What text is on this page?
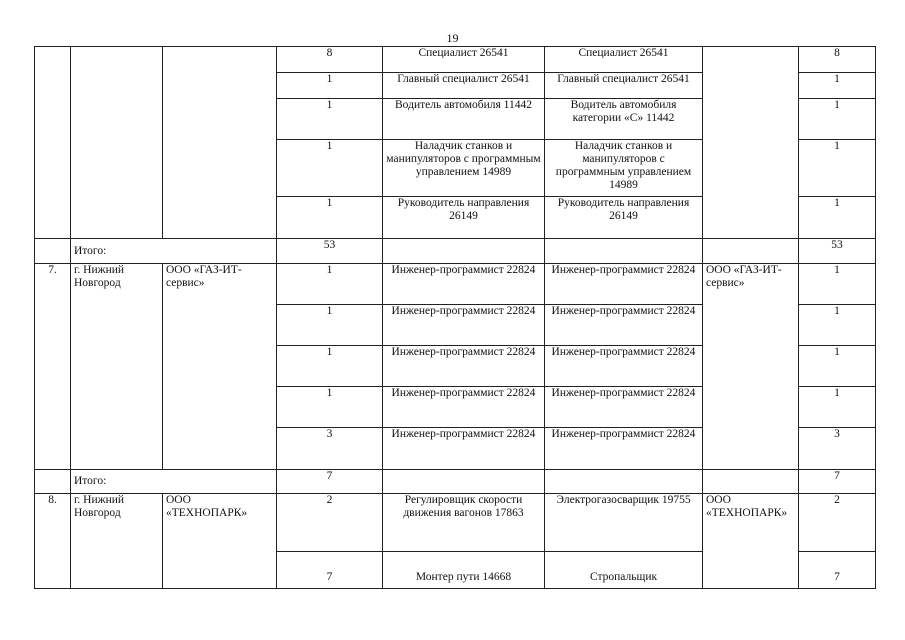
19
			8	Специалист 26541	Специалист 26541		8
			1	Главный специалист 26541	Главный специалист 26541		1
			1	Водитель автомобиля 11442	Водитель автомобиля категории «С» 11442		1
			1	Наладчик станков и манипуляторов с программным управлением 14989	Наладчик станков и манипуляторов с программным управлением 14989		1
			1	Руководитель направления 26149	Руководитель направления 26149		1
	Итого:		53				53
7.	г. Нижний Новгород	ООО «ГАЗ-ИТ-сервис»	1	Инженер-программист 22824	Инженер-программист 22824	ООО «ГАЗ-ИТ-сервис»	1
			1	Инженер-программист 22824	Инженер-программист 22824		1
			1	Инженер-программист 22824	Инженер-программист 22824		1
			1	Инженер-программист 22824	Инженер-программист 22824		1
			3	Инженер-программист 22824	Инженер-программист 22824		3
	Итого:		7				7
8.	г. Нижний Новгород	ООО «ТЕХНОПАРК»	2	Регулировщик скорости движения вагонов 17863	Электрогазосварщик 19755	ООО «ТЕХНОПАРК»	2
			7	Монтер пути 14668	Стропальщик		7
